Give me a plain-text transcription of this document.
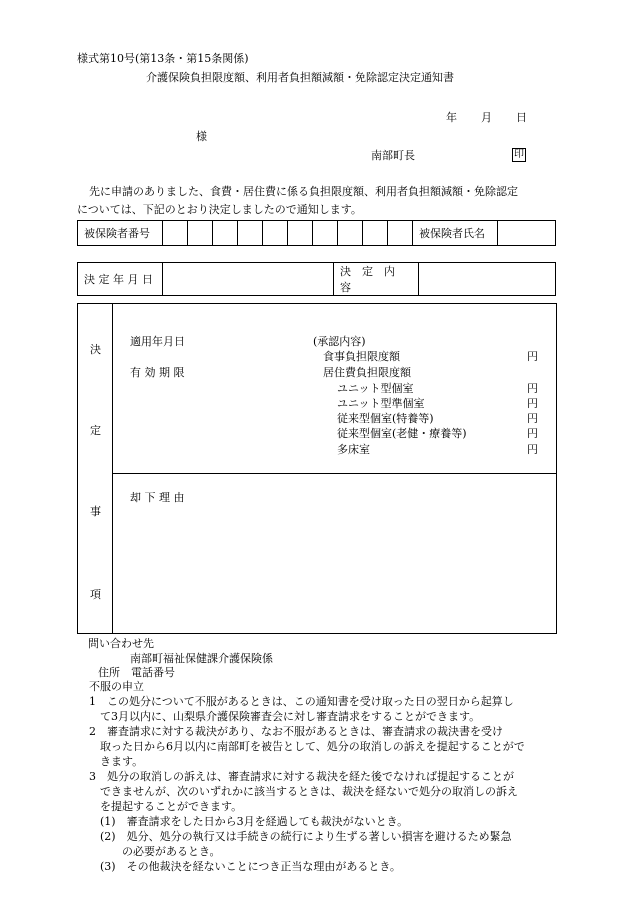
様式第10号(第13条・第15条関係)
介護保険負担限度額、利用者負担額減額・免除認定決定通知書
年 月 日
様
南部町長	印
先に申請のありました、食費・居住費に係る負担限度額、利用者負担額減額・免除認定
については、下記のとおり決定しましたので通知します。
被保険者番号											被保険者氏名	
決 定 年 月 日		決　定　内　容	
決
定
事
項
適用年月日
有 効 期 限
(承認内容)
食事負担限度額	円
居住費負担限度額
ユニット型個室	円
ユニット型準個室	円
従来型個室(特養等)	円
従来型個室(老健・療養等)	円
多床室	円
却 下 理 由
問い合わせ先
南部町福祉保健課介護保険係
住所　電話番号
不服の申立
1　この処分について不服があるときは、この通知書を受け取った日の翌日から起算し
　て3月以内に、山梨県介護保険審査会に対し審査請求をすることができます。
2　審査請求に対する裁決があり、なお不服があるときは、審査請求の裁決書を受け
　取った日から6月以内に南部町を被告として、処分の取消しの訴えを提起することがで
　きます。
3　処分の取消しの訴えは、審査請求に対する裁決を経た後でなければ提起することが
　できませんが、次のいずれかに該当するときは、裁決を経ないで処分の取消しの訴え
　を提起することができます。
　(1)　審査請求をした日から3月を経過しても裁決がないとき。
　(2)　処分、処分の執行又は手続きの続行により生ずる著しい損害を避けるため緊急
　　　の必要があるとき。
　(3)　その他裁決を経ないことにつき正当な理由があるとき。
